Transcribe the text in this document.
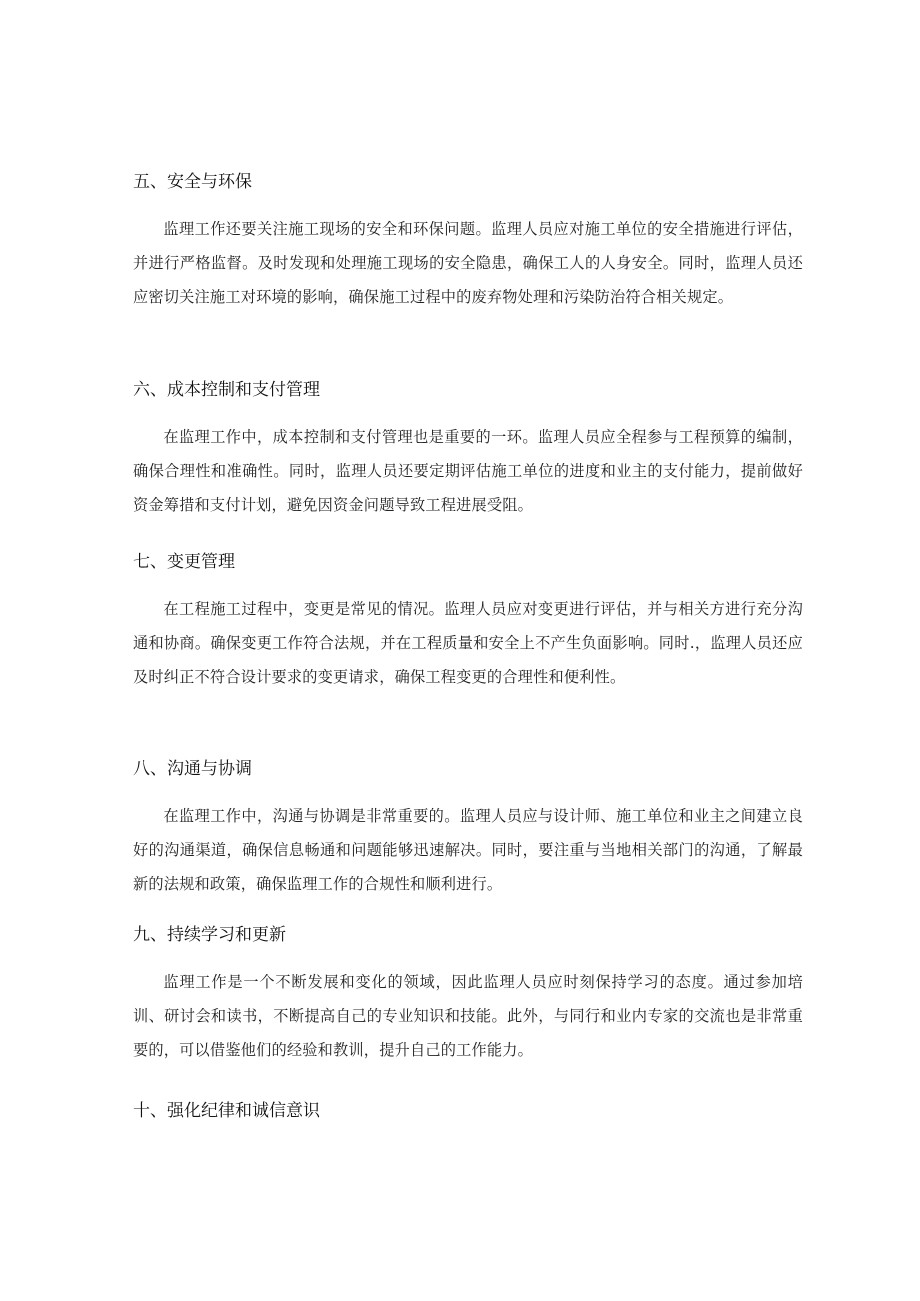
五、安全与环保

监理工作还要关注施工现场的安全和环保问题。监理人员应对施工单位的安全措施进行评估，并进行严格监督。及时发现和处理施工现场的安全隐患，确保工人的人身安全。同时，监理人员还应密切关注施工对环境的影响，确保施工过程中的废弃物处理和污染防治符合相关规定。

六、成本控制和支付管理

在监理工作中，成本控制和支付管理也是重要的一环。监理人员应全程参与工程预算的编制，确保合理性和准确性。同时，监理人员还要定期评估施工单位的进度和业主的支付能力，提前做好资金筹措和支付计划，避免因资金问题导致工程进展受阻。

七、变更管理

在工程施工过程中，变更是常见的情况。监理人员应对变更进行评估，并与相关方进行充分沟通和协商。确保变更工作符合法规，并在工程质量和安全上不产生负面影响。同时.，监理人员还应及时纠正不符合设计要求的变更请求，确保工程变更的合理性和便利性。

八、沟通与协调

在监理工作中，沟通与协调是非常重要的。监理人员应与设计师、施工单位和业主之间建立良好的沟通渠道，确保信息畅通和问题能够迅速解决。同时，要注重与当地相关部门的沟通，了解最新的法规和政策，确保监理工作的合规性和顺利进行。

九、持续学习和更新

监理工作是一个不断发展和变化的领域，因此监理人员应时刻保持学习的态度。通过参加培训、研讨会和读书，不断提高自己的专业知识和技能。此外，与同行和业内专家的交流也是非常重要的，可以借鉴他们的经验和教训，提升自己的工作能力。

十、强化纪律和诚信意识
